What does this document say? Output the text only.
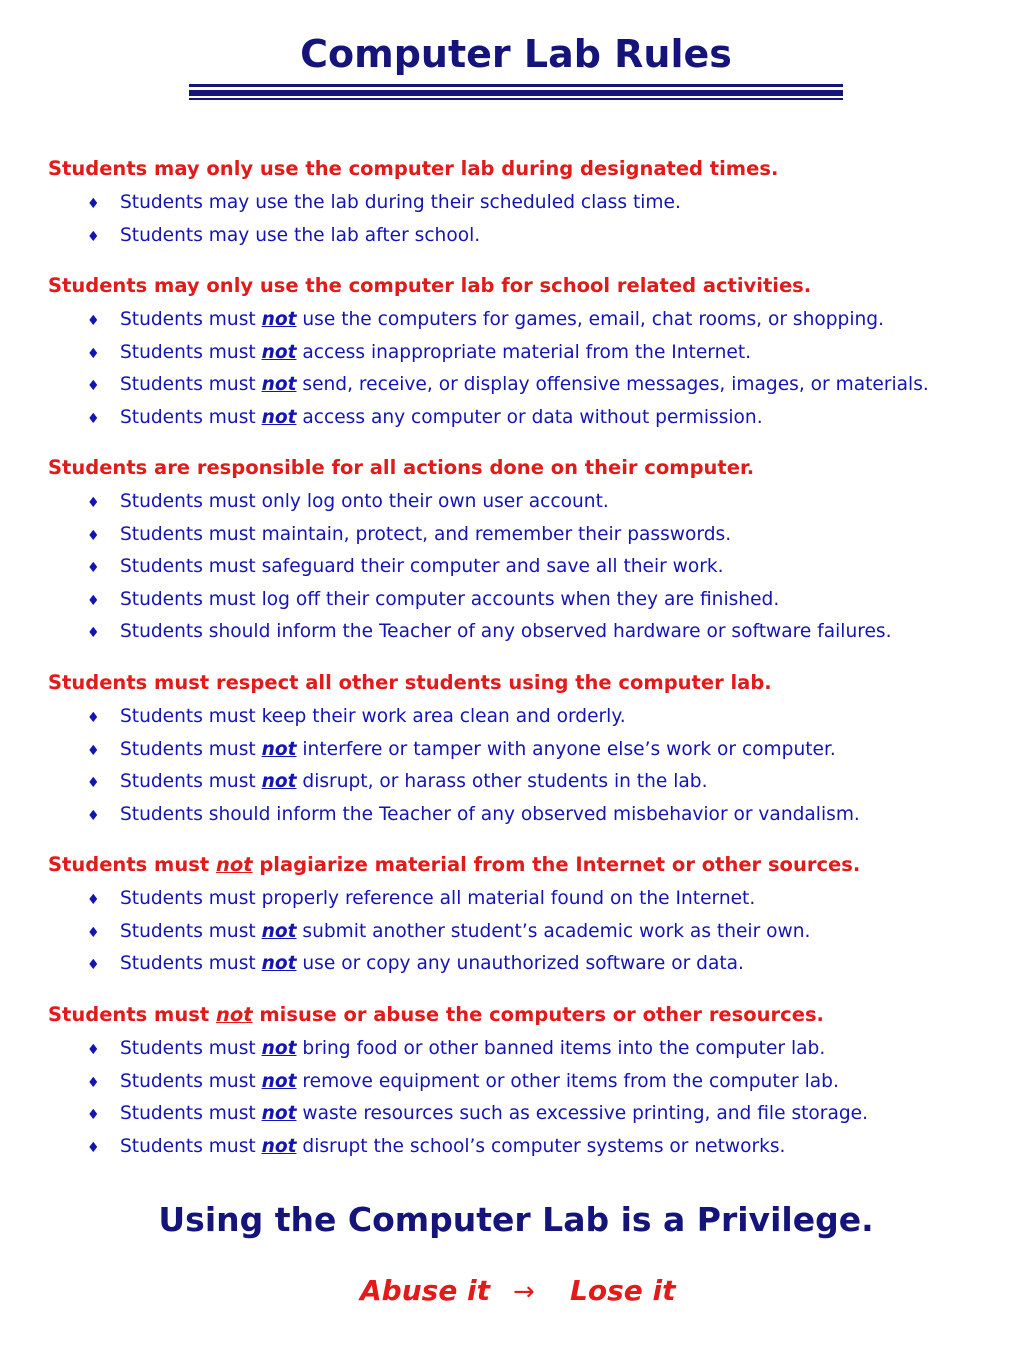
Computer Lab Rules
Students may only use the computer lab during designated times.
♦ Students may use the lab during their scheduled class time.
♦ Students may use the lab after school.
Students may only use the computer lab for school related activities.
♦ Students must not use the computers for games, email, chat rooms, or shopping.
♦ Students must not access inappropriate material from the Internet.
♦ Students must not send, receive, or display offensive messages, images, or materials.
♦ Students must not access any computer or data without permission.
Students are responsible for all actions done on their computer.
♦ Students must only log onto their own user account.
♦ Students must maintain, protect, and remember their passwords.
♦ Students must safeguard their computer and save all their work.
♦ Students must log off their computer accounts when they are finished.
♦ Students should inform the Teacher of any observed hardware or software failures.
Students must respect all other students using the computer lab.
♦ Students must keep their work area clean and orderly.
♦ Students must not interfere or tamper with anyone else’s work or computer.
♦ Students must not disrupt, or harass other students in the lab.
♦ Students should inform the Teacher of any observed misbehavior or vandalism.
Students must not plagiarize material from the Internet or other sources.
♦ Students must properly reference all material found on the Internet.
♦ Students must not submit another student’s academic work as their own.
♦ Students must not use or copy any unauthorized software or data.
Students must not misuse or abuse the computers or other resources.
♦ Students must not bring food or other banned items into the computer lab.
♦ Students must not remove equipment or other items from the computer lab.
♦ Students must not waste resources such as excessive printing, and file storage.
♦ Students must not disrupt the school’s computer systems or networks.
Using the Computer Lab is a Privilege.
Abuse it → Lose it
